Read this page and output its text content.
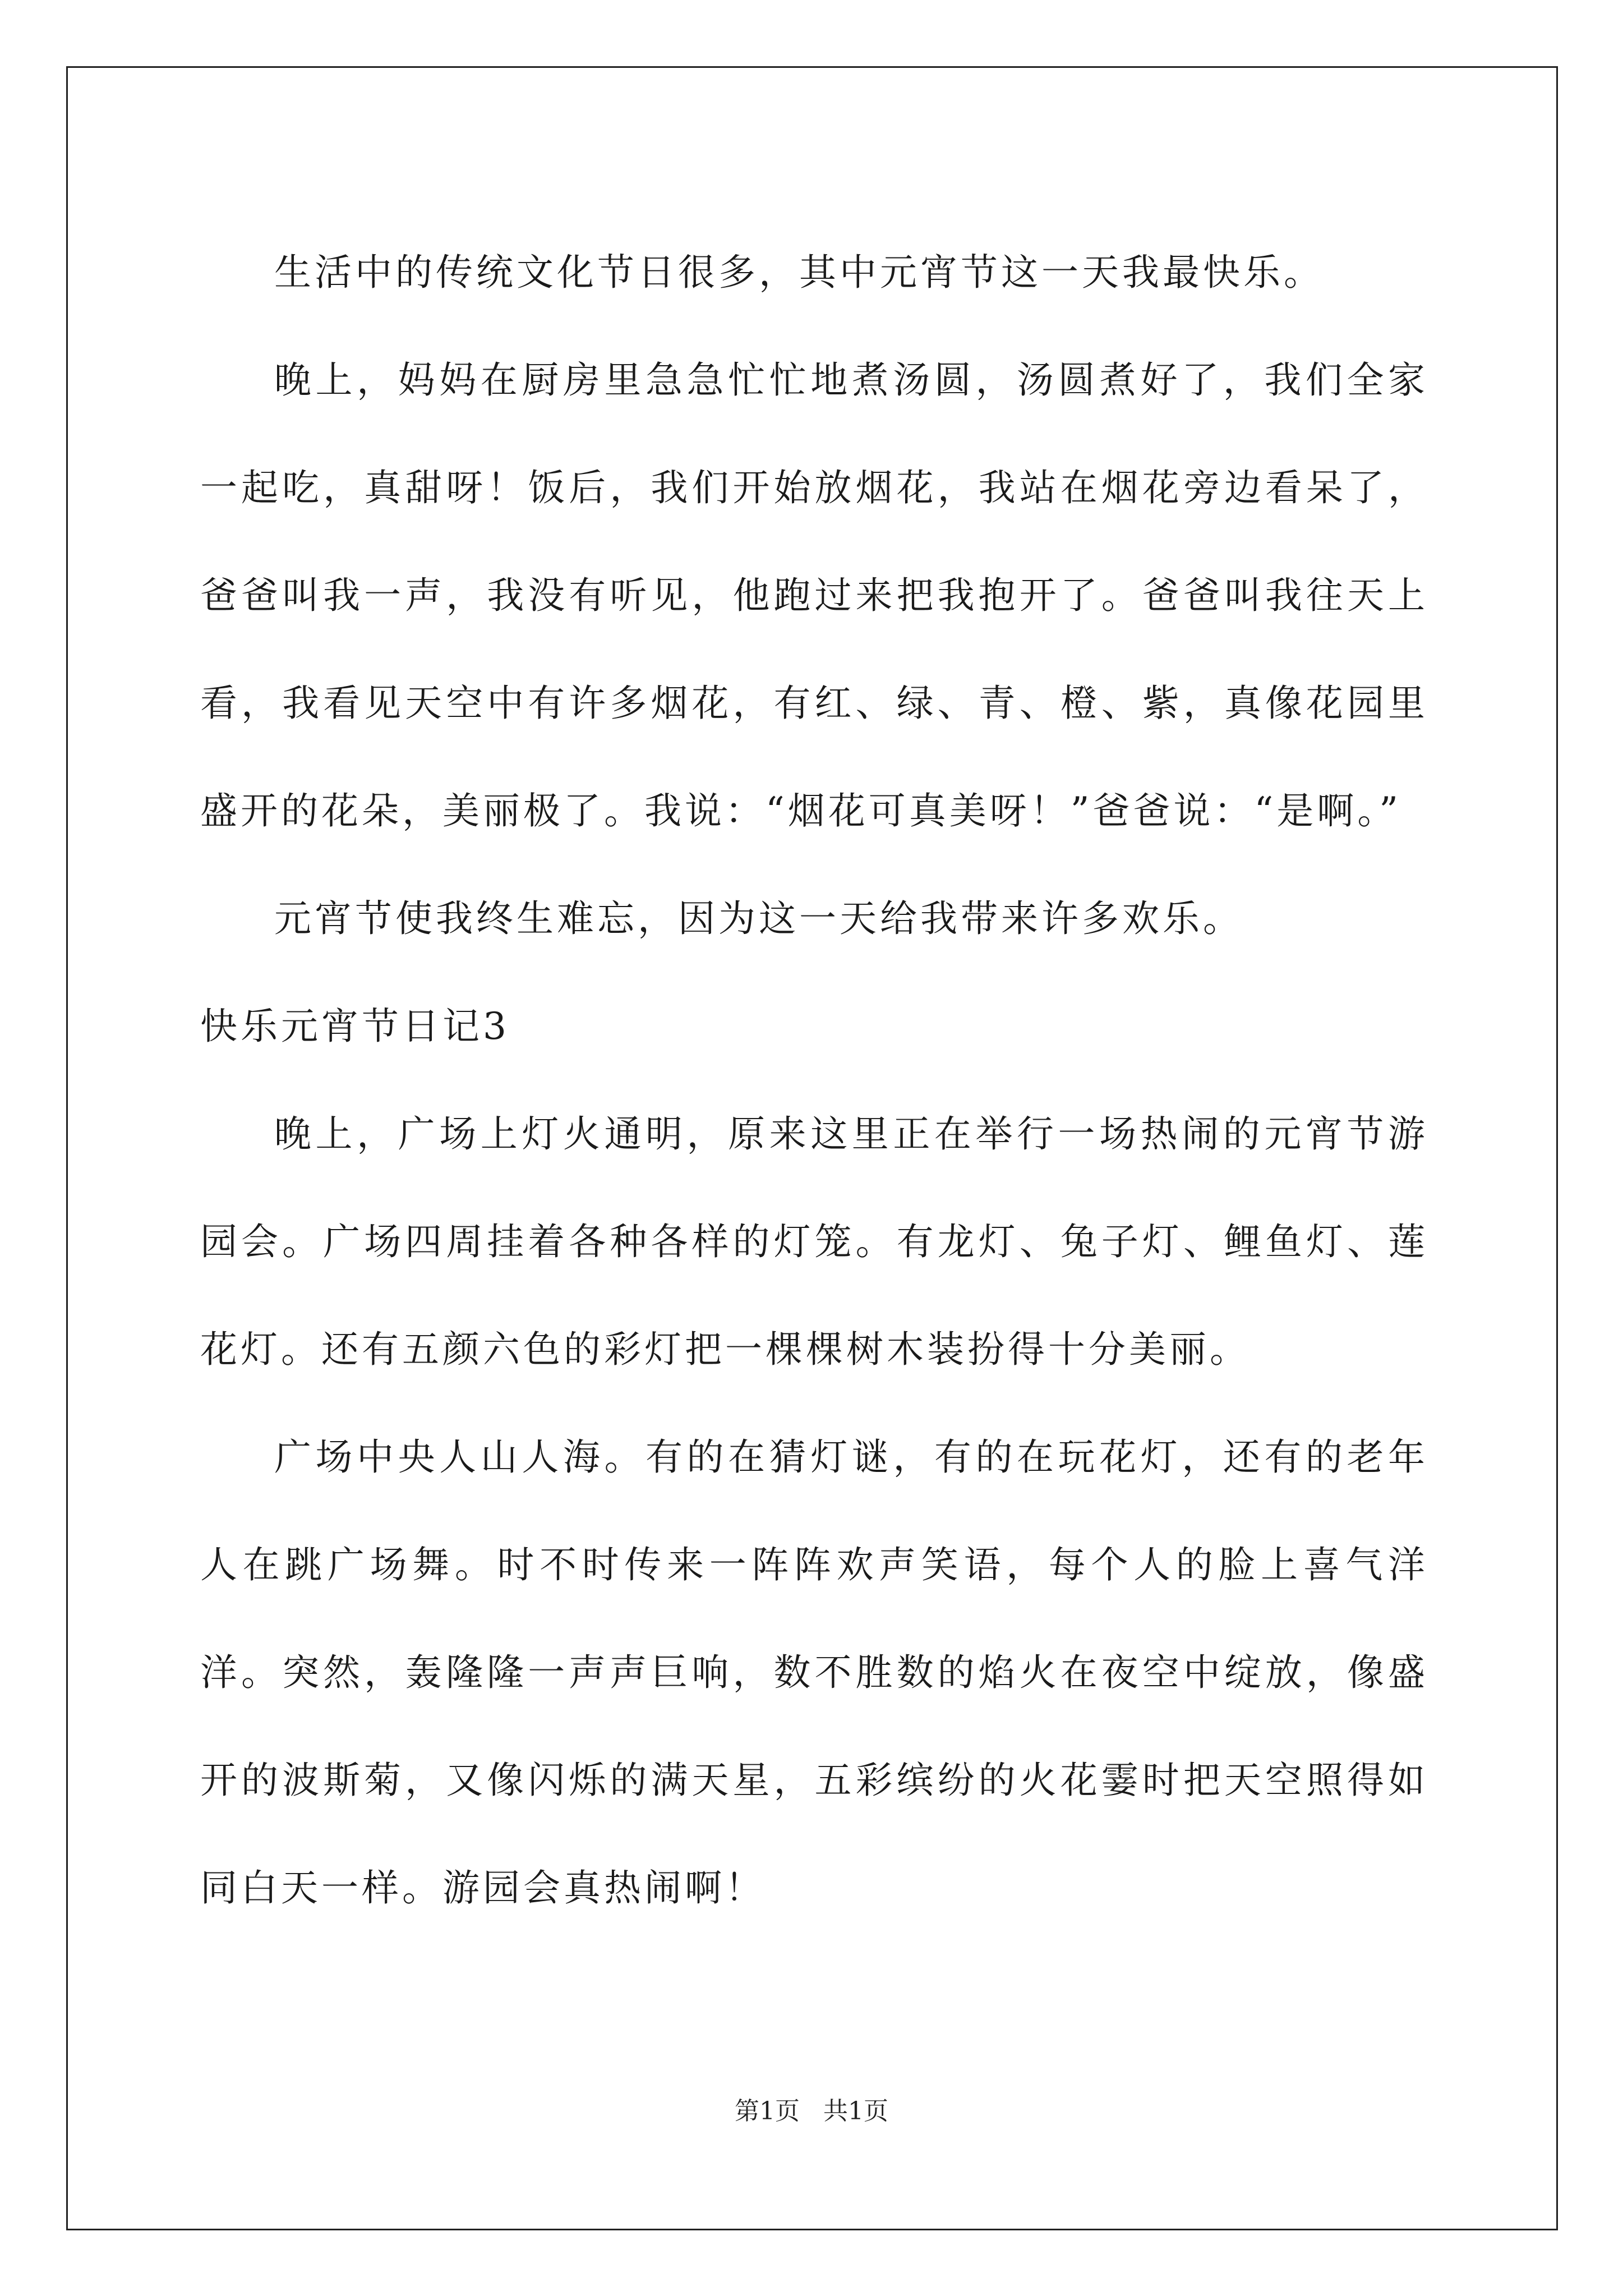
生活中的传统文化节日很多，其中元宵节这一天我最快乐。

晚上，妈妈在厨房里急急忙忙地煮汤圆，汤圆煮好了，我们全家一起吃，真甜呀！饭后，我们开始放烟花，我站在烟花旁边看呆了，爸爸叫我一声，我没有听见，他跑过来把我抱开了。爸爸叫我往天上看，我看见天空中有许多烟花，有红、绿、青、橙、紫，真像花园里盛开的花朵，美丽极了。我说：“烟花可真美呀！”爸爸说：“是啊。”

元宵节使我终生难忘，因为这一天给我带来许多欢乐。

快乐元宵节日记3

晚上，广场上灯火通明，原来这里正在举行一场热闹的元宵节游园会。广场四周挂着各种各样的灯笼。有龙灯、兔子灯、鲤鱼灯、莲花灯。还有五颜六色的彩灯把一棵棵树木装扮得十分美丽。

广场中央人山人海。有的在猜灯谜，有的在玩花灯，还有的老年人在跳广场舞。时不时传来一阵阵欢声笑语，每个人的脸上喜气洋洋。突然，轰隆隆一声声巨响，数不胜数的焰火在夜空中绽放，像盛开的波斯菊，又像闪烁的满天星，五彩缤纷的火花霎时把天空照得如同白天一样。游园会真热闹啊！

第1页 共1页
